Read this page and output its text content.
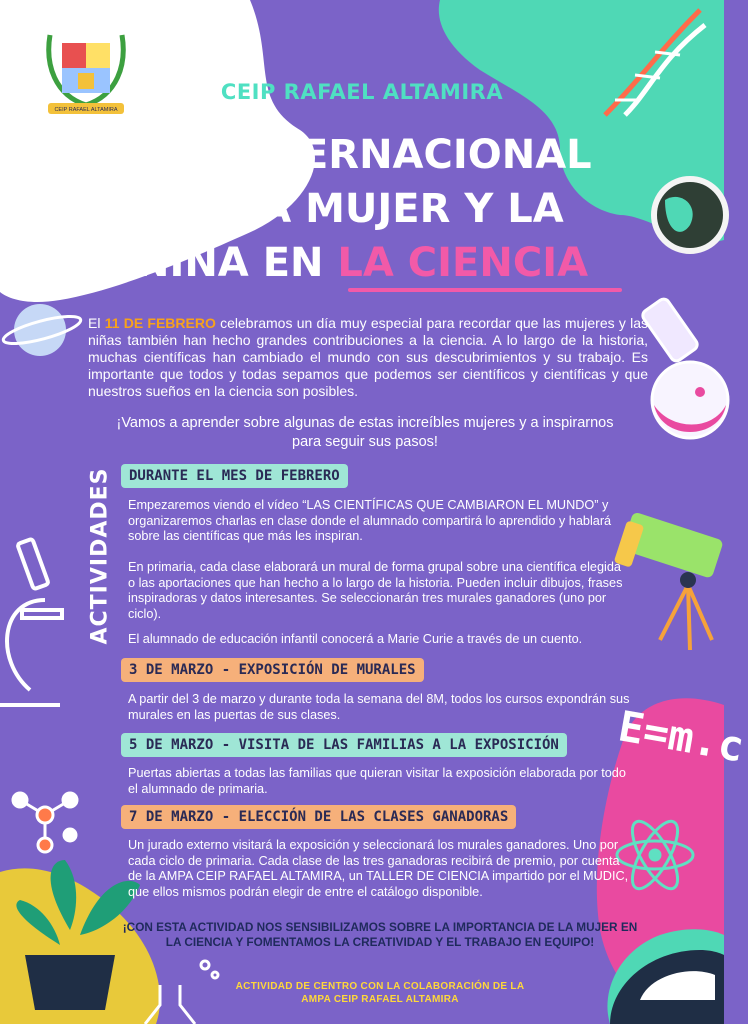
CEIP RAFAEL ALTAMIRA
CEIP RAFAEL ALTAMIRA
DÍA INTERNACIONAL
DE LA MUJER Y LA
NIÑA EN LA CIENCIA
El 11 DE FEBRERO celebramos un día muy especial para recordar que las mujeres y las niñas también han hecho grandes contribuciones a la ciencia. A lo largo de la historia, muchas científicas han cambiado el mundo con sus descubrimientos y su trabajo. Es importante que todos y todas sepamos que podemos ser científicos y científicas y que nuestros sueños en la ciencia son posibles.
¡Vamos a aprender sobre algunas de estas increíbles mujeres y a inspirarnos para seguir sus pasos!
ACTIVIDADES	DURANTE EL MES DE FEBRERO
Empezaremos viendo el vídeo “LAS CIENTÍFICAS QUE CAMBIARON EL MUNDO” y organizaremos charlas en clase donde el alumnado compartirá lo aprendido y hablará sobre las científicas que más les inspiran.
En primaria, cada clase elaborará un mural de forma grupal sobre una científica elegida o las aportaciones que han hecho a lo largo de la historia. Pueden incluir dibujos, frases inspiradoras y datos interesantes. Se seleccionarán tres murales ganadores (uno por ciclo).
El alumnado de educación infantil conocerá a Marie Curie a través de un cuento.
3 DE MARZO - EXPOSICIÓN DE MURALES
A partir del 3 de marzo y durante toda la semana del 8M, todos los cursos expondrán sus murales en las puertas de sus clases.
5 DE MARZO - VISITA DE LAS FAMILIAS A LA EXPOSICIÓN
Puertas abiertas a todas las familias que quieran visitar la exposición elaborada por todo el alumnado de primaria.
7 DE MARZO - ELECCIÓN DE LAS CLASES GANADORAS
Un jurado externo visitará la exposición y seleccionará los murales ganadores. Uno por cada ciclo de primaria. Cada clase de las tres ganadoras recibirá de premio, por cuenta de la AMPA CEIP RAFAEL ALTAMIRA, un TALLER DE CIENCIA impartido por el MUDIC, que ellos mismos podrán elegir de entre el catálogo disponible.
¡CON ESTA ACTIVIDAD NOS SENSIBILIZAMOS SOBRE LA IMPORTANCIA DE LA MUJER EN LA CIENCIA Y FOMENTAMOS LA CREATIVIDAD Y EL TRABAJO EN EQUIPO!
E=m.c
ACTIVIDAD DE CENTRO CON LA COLABORACIÓN DE LA
AMPA CEIP RAFAEL ALTAMIRA
